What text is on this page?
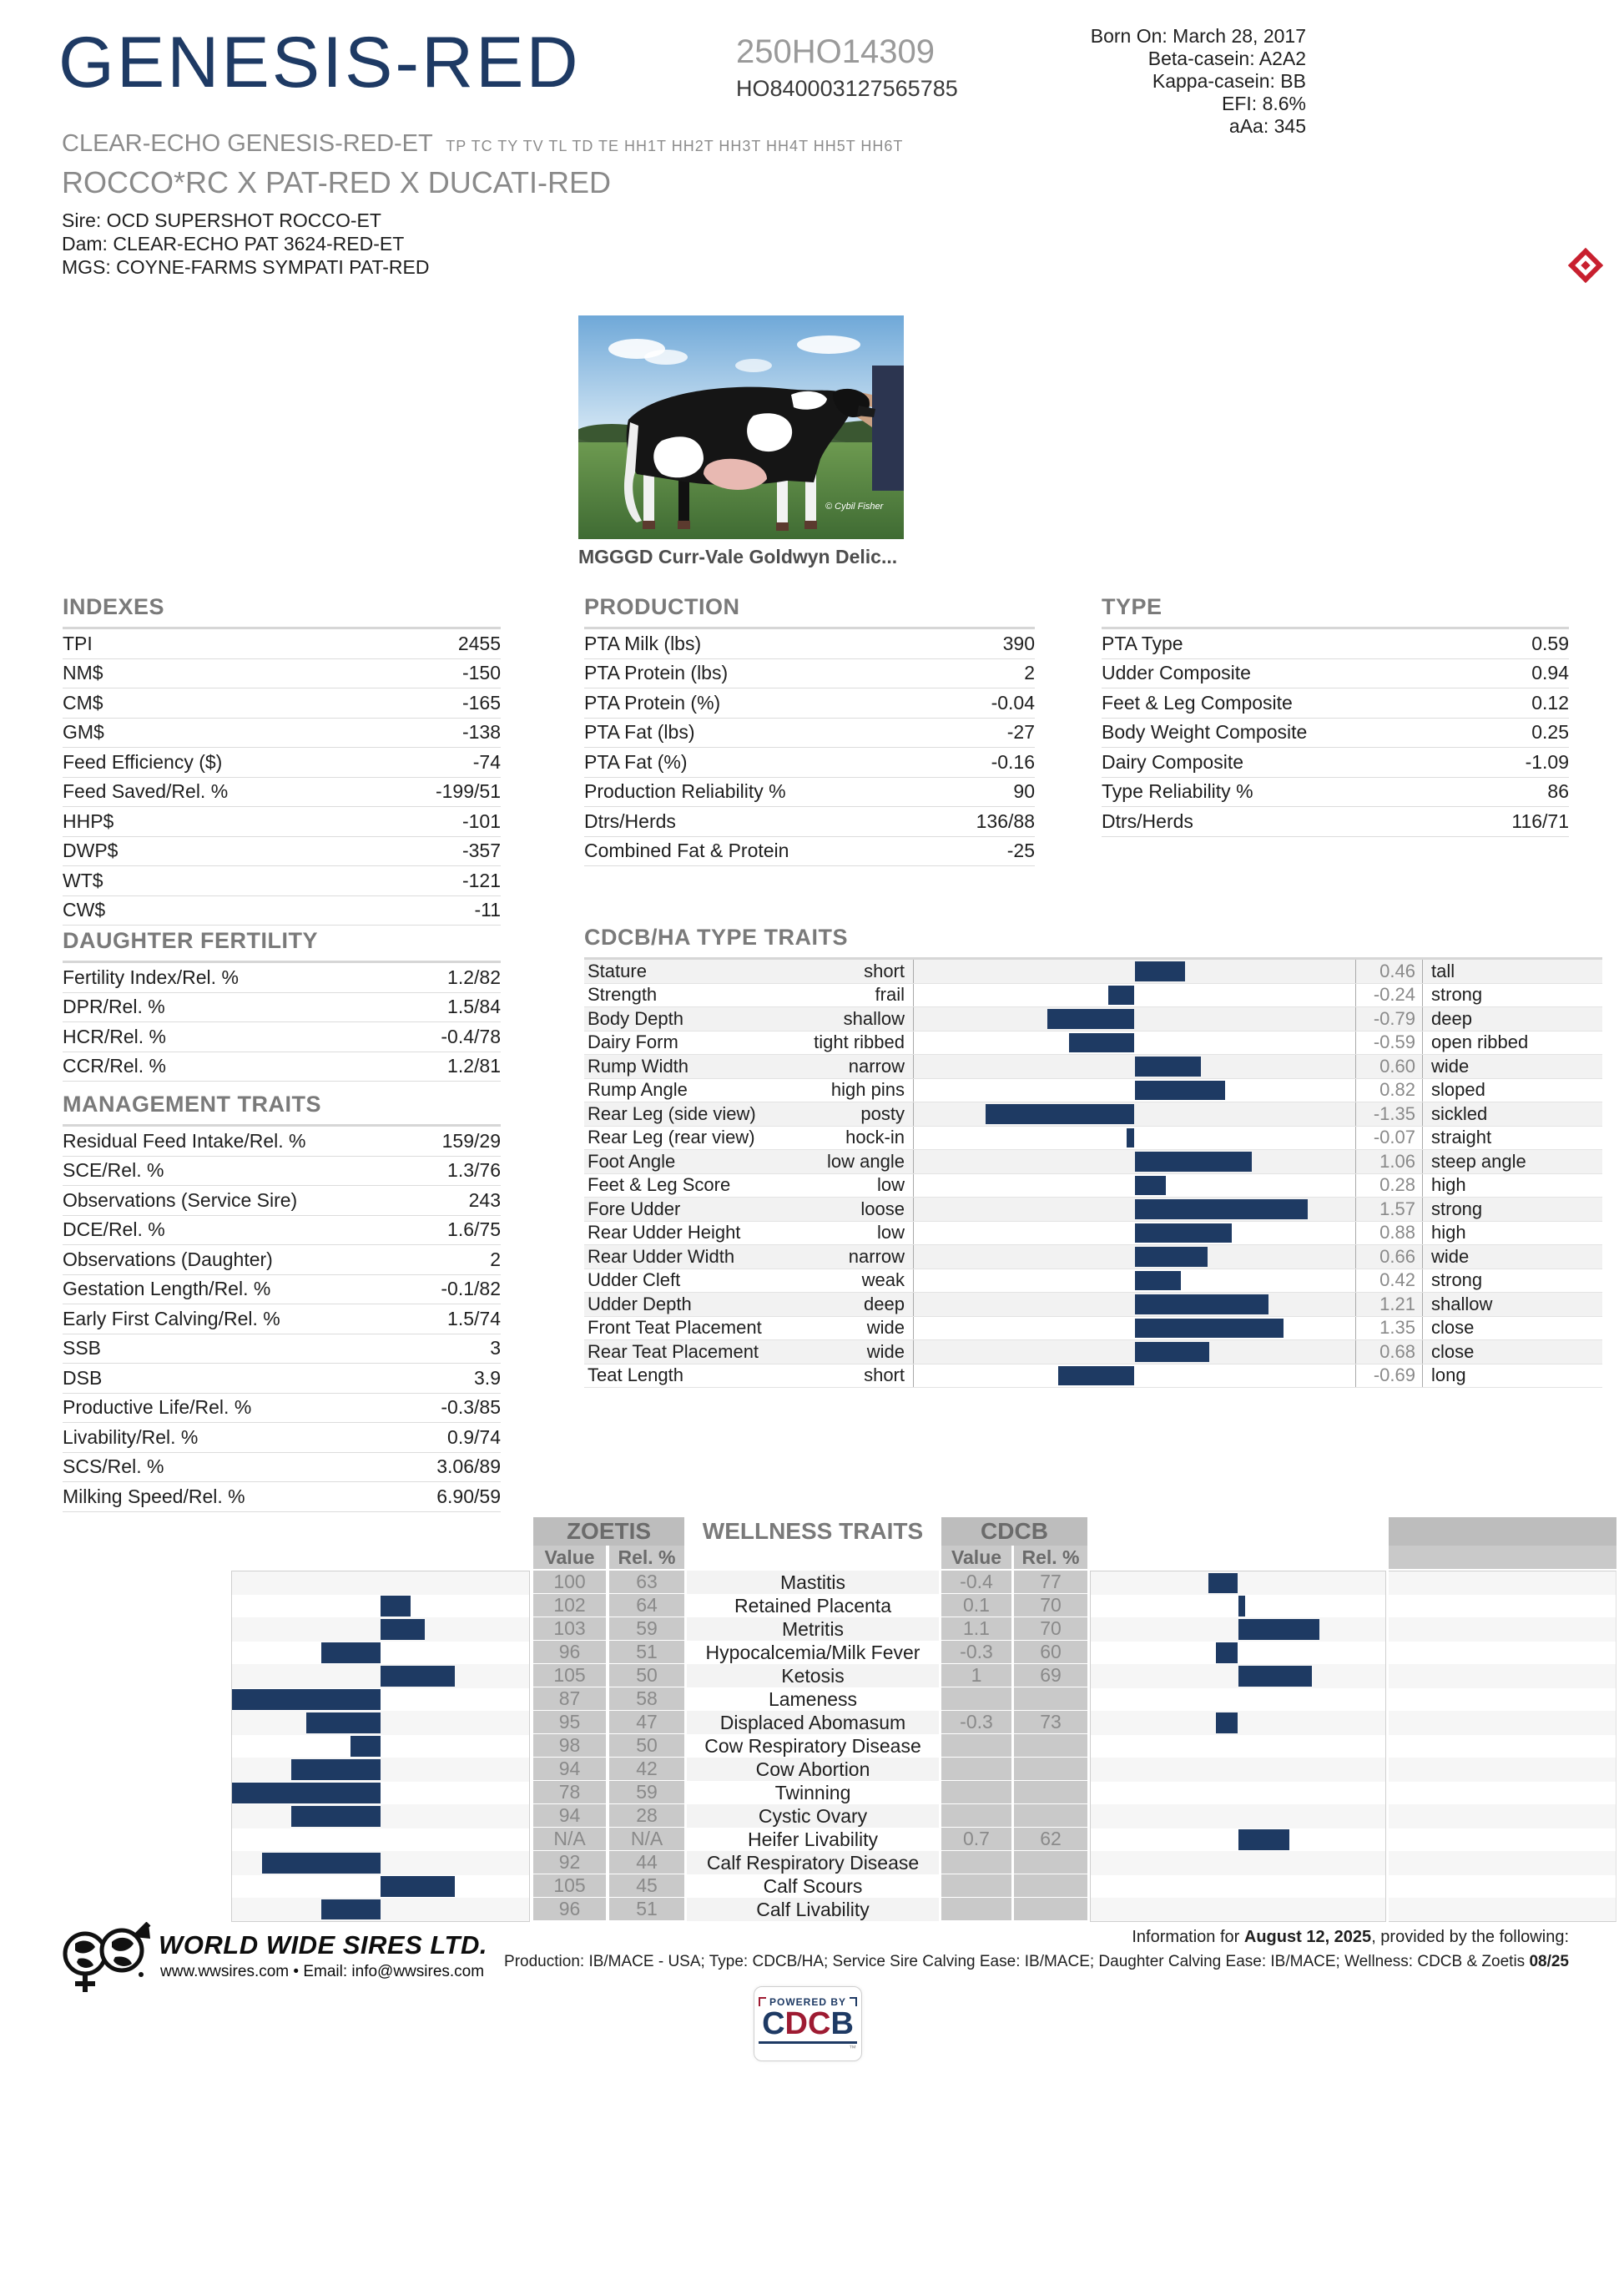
GENESIS-RED	250HO14309
HO840003127565785
Born On: March 28, 2017
Beta-casein: A2A2
Kappa-casein: BB
EFI: 8.6%
aAa: 345
CLEAR-ECHO GENESIS-RED-ET TP TC TY TV TL TD TE HH1T HH2T HH3T HH4T HH5T HH6T
ROCCO*RC X PAT-RED X DUCATI-RED
Sire: OCD SUPERSHOT ROCCO-ET
Dam: CLEAR-ECHO PAT 3624-RED-ET
MGS: COYNE-FARMS SYMPATI PAT-RED
© Cybil Fisher
MGGGD Curr-Vale Goldwyn Delic...
INDEXES
TPI	2455
NM$	-150
CM$	-165
GM$	-138
Feed Efficiency ($)	-74
Feed Saved/Rel. %	-199/51
HHP$	-101
DWP$	-357
WT$	-121
CW$	-11
PRODUCTION
PTA Milk (lbs)	390
PTA Protein (lbs)	2
PTA Protein (%)	-0.04
PTA Fat (lbs)	-27
PTA Fat (%)	-0.16
Production Reliability %	90
Dtrs/Herds	136/88
Combined Fat & Protein	-25
TYPE
PTA Type	0.59
Udder Composite	0.94
Feet & Leg Composite	0.12
Body Weight Composite	0.25
Dairy Composite	-1.09
Type Reliability %	86
Dtrs/Herds	116/71
DAUGHTER FERTILITY
Fertility Index/Rel. %	1.2/82
DPR/Rel. %	1.5/84
HCR/Rel. %	-0.4/78
CCR/Rel. %	1.2/81
MANAGEMENT TRAITS
Residual Feed Intake/Rel. %	159/29
SCE/Rel. %	1.3/76
Observations (Service Sire)	243
DCE/Rel. %	1.6/75
Observations (Daughter)	2
Gestation Length/Rel. %	-0.1/82
Early First Calving/Rel. %	1.5/74
SSB	3
DSB	3.9
Productive Life/Rel. %	-0.3/85
Livability/Rel. %	0.9/74
SCS/Rel. %	3.06/89
Milking Speed/Rel. %	6.90/59
CDCB/HA TYPE TRAITS
Stature	short	0.46 tall
Strength	frail	-0.24 strong
Body Depth	shallow	-0.79 deep
Dairy Form	tight ribbed	-0.59 open ribbed
Rump Width	narrow	0.60 wide
Rump Angle	high pins	0.82 sloped
Rear Leg (side view)	posty	-1.35 sickled
Rear Leg (rear view)	hock-in	-0.07 straight
Foot Angle	low angle	1.06 steep angle
Feet & Leg Score	low	0.28 high
Fore Udder	loose	1.57 strong
Rear Udder Height	low	0.88 high
Rear Udder Width	narrow	0.66 wide
Udder Cleft	weak	0.42 strong
Udder Depth	deep	1.21 shallow
Front Teat Placement	wide	1.35 close
Rear Teat Placement	wide	0.68 close
Teat Length	short	-0.69 long
ZOETIS	WELLNESS TRAITS	CDCB
Value	Rel. %	Value	Rel. %
100	63	Mastitis	-0.4	77
102	64	Retained Placenta	0.1	70
103	59	Metritis	1.1	70
96	51	Hypocalcemia/Milk Fever	-0.3	60
105	50	Ketosis	1	69
87	58	Lameness
95	47	Displaced Abomasum	-0.3	73
98	50	Cow Respiratory Disease
94	42	Cow Abortion
78	59	Twinning
94	28	Cystic Ovary
N/A	N/A	Heifer Livability	0.7	62
92	44	Calf Respiratory Disease
105	45	Calf Scours
96	51	Calf Livability
WORLD WIDE SIRES LTD.
www.wwsires.com • Email: info@wwsires.com
Information for August 12, 2025, provided by the following:
Production: IB/MACE - USA; Type: CDCB/HA; Service Sire Calving Ease: IB/MACE; Daughter Calving Ease: IB/MACE; Wellness: CDCB & Zoetis 08/25
POWERED BY
CDCB
™
